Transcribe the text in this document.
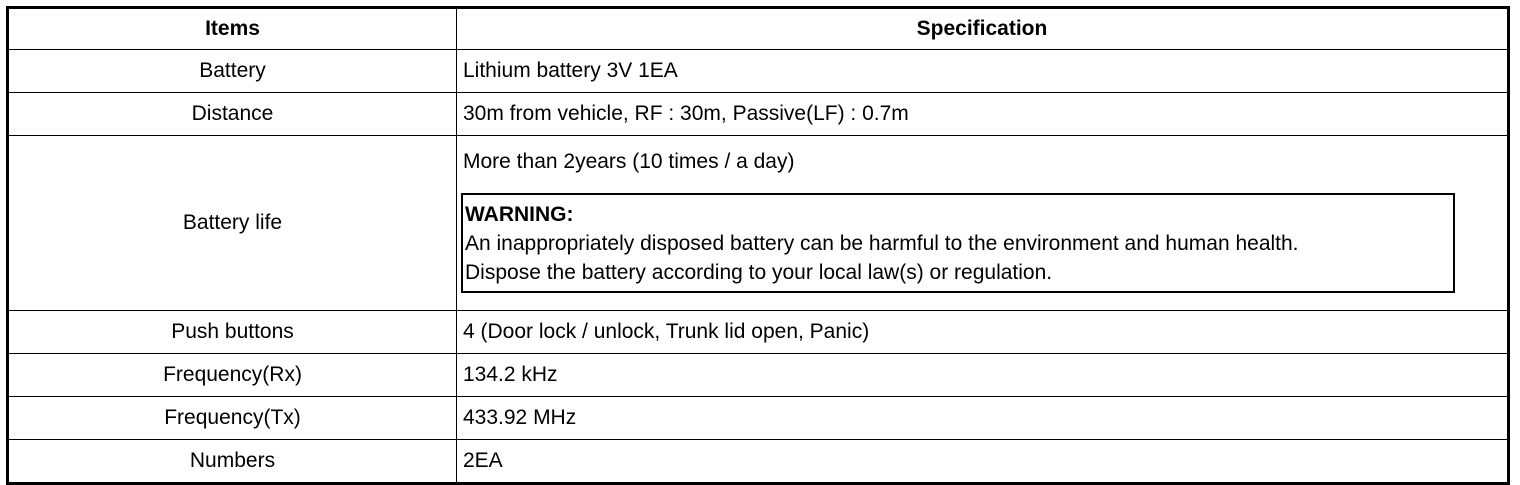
Items	Specification
Battery	Lithium battery 3V 1EA
Distance	30m from vehicle, RF : 30m, Passive(LF) : 0.7m
Battery life	More than 2years (10 times / a day)
WARNING:
An inappropriately disposed battery can be harmful to the environment and human health.
Dispose the battery according to your local law(s) or regulation.

Push buttons	4 (Door lock / unlock, Trunk lid open, Panic)
Frequency(Rx)	134.2 kHz
Frequency(Tx)	433.92 MHz
Numbers	2EA
